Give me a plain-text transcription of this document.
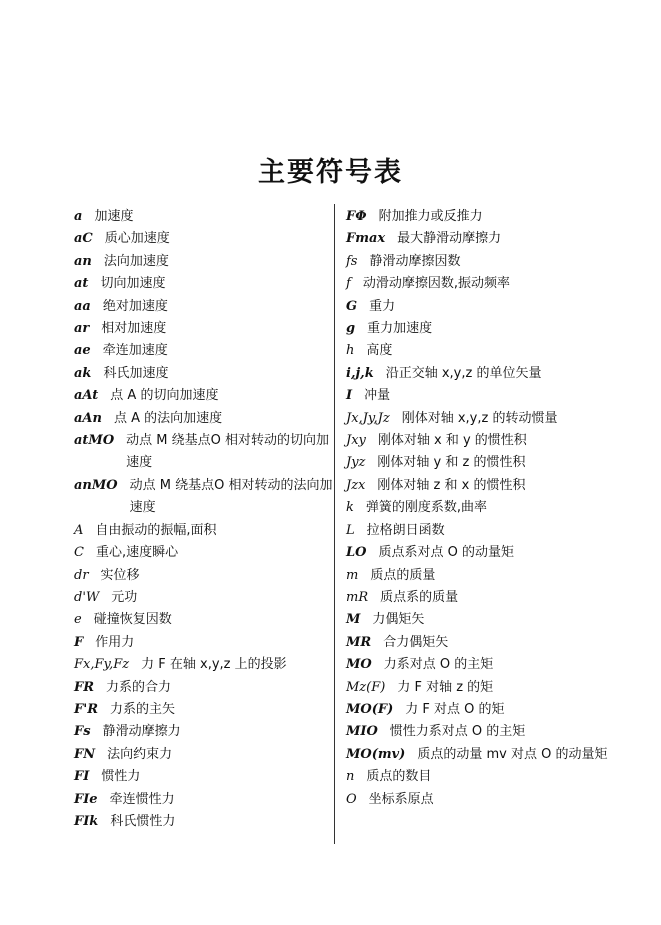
主要符号表
a 加速度
aC 质心加速度
an 法向加速度
at 切向加速度
aa 绝对加速度
ar 相对加速度
ae 牵连加速度
ak 科氏加速度
aAt 点 A 的切向加速度
aAn 点 A 的法向加速度
atMO 动点 M 绕基点O 相对转动的切向加速度
anMO 动点 M 绕基点O 相对转动的法向加速度
A 自由振动的振幅,面积
C 重心,速度瞬心
dr 实位移
d'W 元功
e 碰撞恢复因数
F 作用力
Fx,Fy,Fz 力 F 在轴 x,y,z 上的投影
FR 力系的合力
F'R 力系的主矢
Fs 静滑动摩擦力
FN 法向约束力
FI 惯性力
FIe 牵连惯性力
FIk 科氏惯性力
FΦ 附加推力或反推力
Fmax 最大静滑动摩擦力
fs 静滑动摩擦因数
f 动滑动摩擦因数,振动频率
G 重力
g 重力加速度
h 高度
i,j,k 沿正交轴 x,y,z 的单位矢量
I 冲量
Jx,Jy,Jz 刚体对轴 x,y,z 的转动惯量
Jxy 刚体对轴 x 和 y 的惯性积
Jyz 刚体对轴 y 和 z 的惯性积
Jzx 刚体对轴 z 和 x 的惯性积
k 弹簧的刚度系数,曲率
L 拉格朗日函数
LO 质点系对点 O 的动量矩
m 质点的质量
mR 质点系的质量
M 力偶矩矢
MR 合力偶矩矢
MO 力系对点 O 的主矩
Mz(F) 力 F 对轴 z 的矩
MO(F) 力 F 对点 O 的矩
MIO 惯性力系对点 O 的主矩
MO(mv) 质点的动量 mv 对点 O 的动量矩
n 质点的数目
O 坐标系原点
